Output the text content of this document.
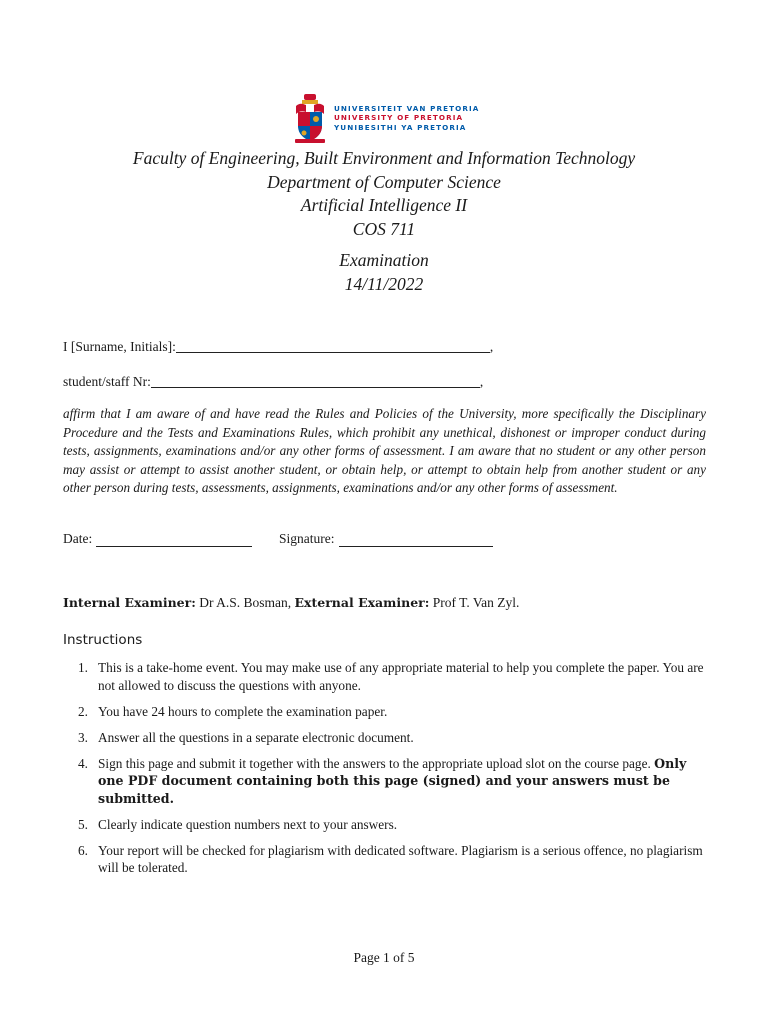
UNIVERSITEIT VAN PRETORIA
UNIVERSITY OF PRETORIA
YUNIBESITHI YA PRETORIA
Faculty of Engineering, Built Environment and Information Technology
Department of Computer Science
Artificial Intelligence II
COS 711
Examination
14/11/2022
I [Surname, Initials]:	,
student/staff Nr:	,
affirm that I am aware of and have read the Rules and Policies of the University, more specifically the Disciplinary Procedure and the Tests and Examinations Rules, which prohibit any unethical, dishonest or improper conduct during tests, assignments, examinations and/or any other forms of assessment. I am aware that no student or any other person may assist or attempt to assist another student, or obtain help, or attempt to obtain help from another student or any other person during tests, assessments, assignments, examinations and/or any other forms of assessment.
Date:	Signature:
Internal Examiner: Dr A.S. Bosman, External Examiner: Prof T. Van Zyl.
Instructions
1. This is a take-home event. You may make use of any appropriate material to help you complete the paper. You are not allowed to discuss the questions with anyone.
2. You have 24 hours to complete the examination paper.
3. Answer all the questions in a separate electronic document.
4. Sign this page and submit it together with the answers to the appropriate upload slot on the course page. Only one PDF document containing both this page (signed) and your answers must be submitted.
5. Clearly indicate question numbers next to your answers.
6. Your report will be checked for plagiarism with dedicated software. Plagiarism is a serious offence, no plagiarism will be tolerated.
Page 1 of 5
